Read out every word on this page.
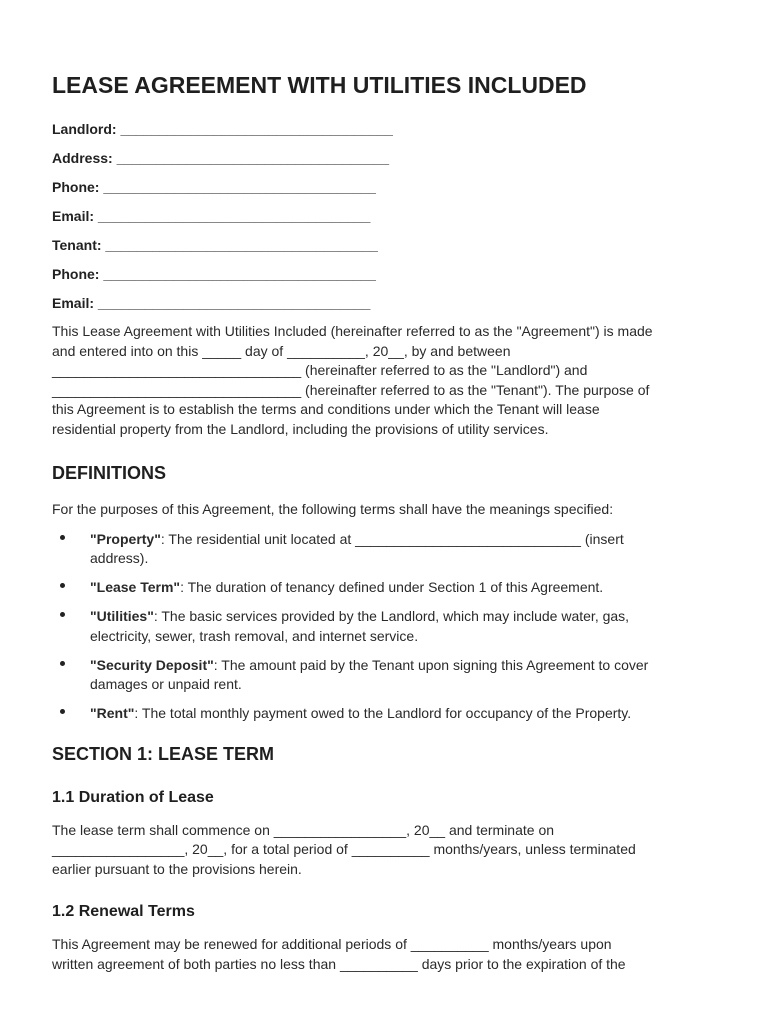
LEASE AGREEMENT WITH UTILITIES INCLUDED
Landlord: ___________________________________
Address: ___________________________________
Phone: ___________________________________
Email: ___________________________________
Tenant: ___________________________________
Phone: ___________________________________
Email: ___________________________________

This Lease Agreement with Utilities Included (hereinafter referred to as the "Agreement") is made
and entered into on this _____ day of __________, 20__, by and between
________________________________ (hereinafter referred to as the "Landlord") and
________________________________ (hereinafter referred to as the "Tenant"). The purpose of
this Agreement is to establish the terms and conditions under which the Tenant will lease
residential property from the Landlord, including the provisions of utility services.

DEFINITIONS

For the purposes of this Agreement, the following terms shall have the meanings specified:

"Property": The residential unit located at _____________________________ (insert
address).
"Lease Term": The duration of tenancy defined under Section 1 of this Agreement.
"Utilities": The basic services provided by the Landlord, which may include water, gas,
electricity, sewer, trash removal, and internet service.
"Security Deposit": The amount paid by the Tenant upon signing this Agreement to cover
damages or unpaid rent.
"Rent": The total monthly payment owed to the Landlord for occupancy of the Property.
SECTION 1: LEASE TERM
1.1 Duration of Lease

The lease term shall commence on _________________, 20__ and terminate on
_________________, 20__, for a total period of __________ months/years, unless terminated
earlier pursuant to the provisions herein.

1.2 Renewal Terms

This Agreement may be renewed for additional periods of __________ months/years upon
written agreement of both parties no less than __________ days prior to the expiration of the
